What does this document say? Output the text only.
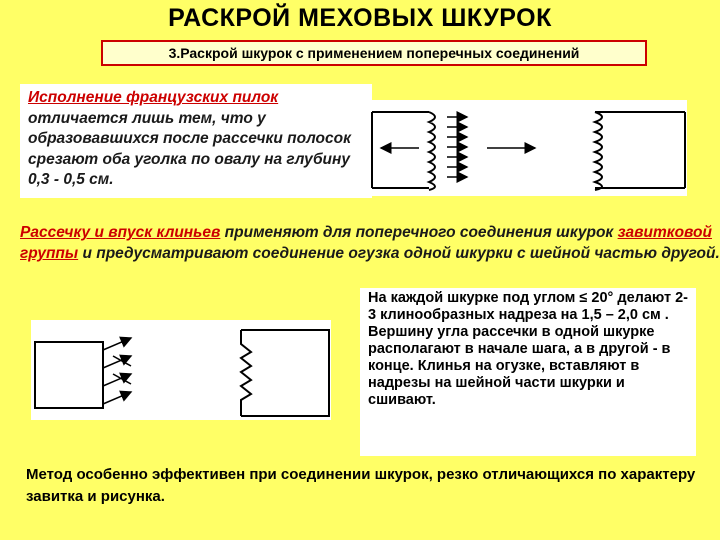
РАСКРОЙ МЕХОВЫХ ШКУРОК
3.Раскрой шкурок с применением поперечных соединений
Исполнение французских пилок отличается лишь тем, что у образовавшихся после рассечки полосок срезают оба уголка по овалу на глубину 0,3 - 0,5 см.
Рассечку и впуск клиньев применяют для поперечного соединения шкурок завитковой группы и предусматривают соединение огузка одной шкурки с шейной частью другой.
На каждой шкурке под углом ≤ 20° делают 2-3 клинообразных надреза на 1,5 – 2,0 см . Вершину угла рассечки в одной шкурке располагают в начале шага, а в другой - в конце. Клинья на огузке, вставляют в надрезы на шейной части шкурки и сшивают.
Метод особенно эффективен при соединении шкурок, резко отличающихся по характеру завитка и рисунка.
